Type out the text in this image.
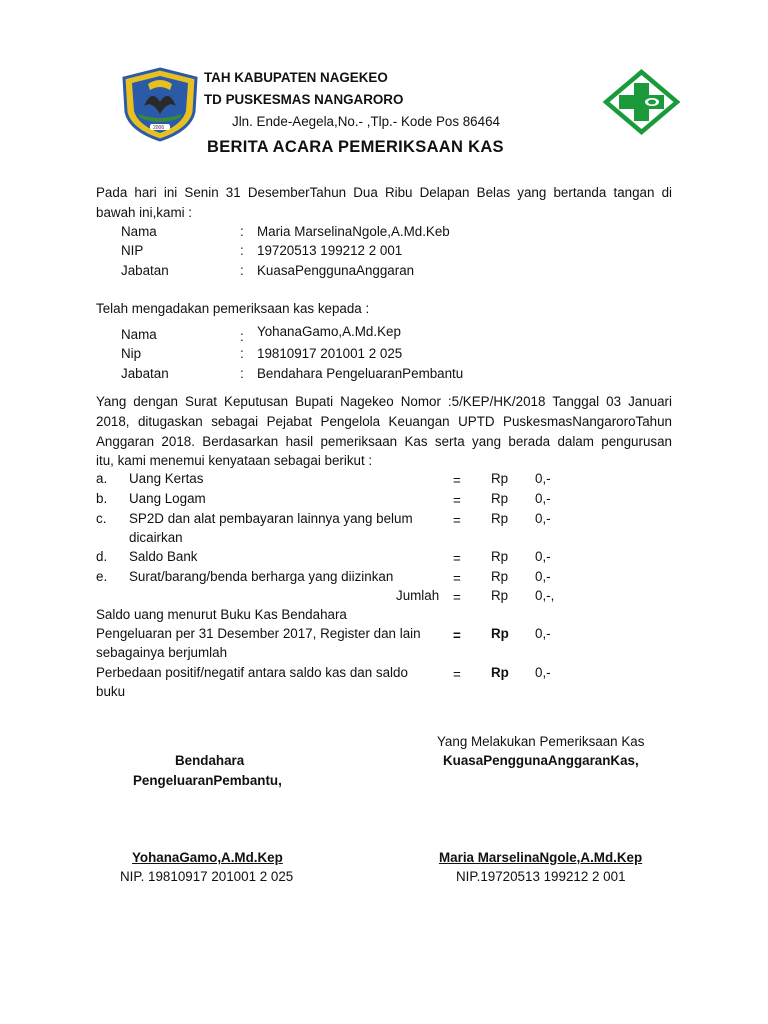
2006
TAH KABUPATEN NAGEKEO
TD PUSKESMAS NANGARORO
Jln. Ende-Aegela,No.- ,Tlp.- Kode Pos 86464
BERITA ACARA PEMERIKSAAN KAS
Pada hari ini Senin 31 DesemberTahun Dua Ribu Delapan Belas yang bertanda tangan di
bawah ini,kami :
Nama	: Maria MarselinaNgole,A.Md.Keb
NIP	: 19720513 199212 2 001
Jabatan	: KuasaPenggunaAnggaran
Telah mengadakan pemeriksaan kas kepada :
Nama	: YohanaGamo,A.Md.Kep
Nip	: 19810917 201001 2 025
Jabatan	: Bendahara PengeluaranPembantu
Yang dengan Surat Keputusan Bupati Nagekeo Nomor :5/KEP/HK/2018 Tanggal 03 Januari
2018, ditugaskan sebagai Pejabat Pengelola Keuangan UPTD PuskesmasNangaroroTahun
Anggaran 2018. Berdasarkan hasil pemeriksaan Kas serta yang berada dalam pengurusan
itu, kami menemui kenyataan sebagai berikut :
a. Uang Kertas	= Rp 0,-
b. Uang Logam	= Rp 0,-
c. SP2D dan alat pembayaran lainnya yang belum
dicairkan
= Rp 0,-
d. Saldo Bank	= Rp 0,-
e. Surat/barang/benda berharga yang diizinkan	= Rp 0,-
Jumlah = Rp 0,-,
Saldo uang menurut Buku Kas Bendahara
Pengeluaran per 31 Desember 2017, Register dan lain
sebagainya berjumlah
= Rp 0,-
Perbedaan positif/negatif antara saldo kas dan saldo
buku
= Rp 0,-
Yang Melakukan Pemeriksaan Kas
KuasaPenggunaAnggaranKas,
Bendahara
PengeluaranPembantu,
YohanaGamo,A.Md.Kep
NIP. 19810917 201001 2 025
Maria MarselinaNgole,A.Md.Kep
NIP.19720513 199212 2 001
